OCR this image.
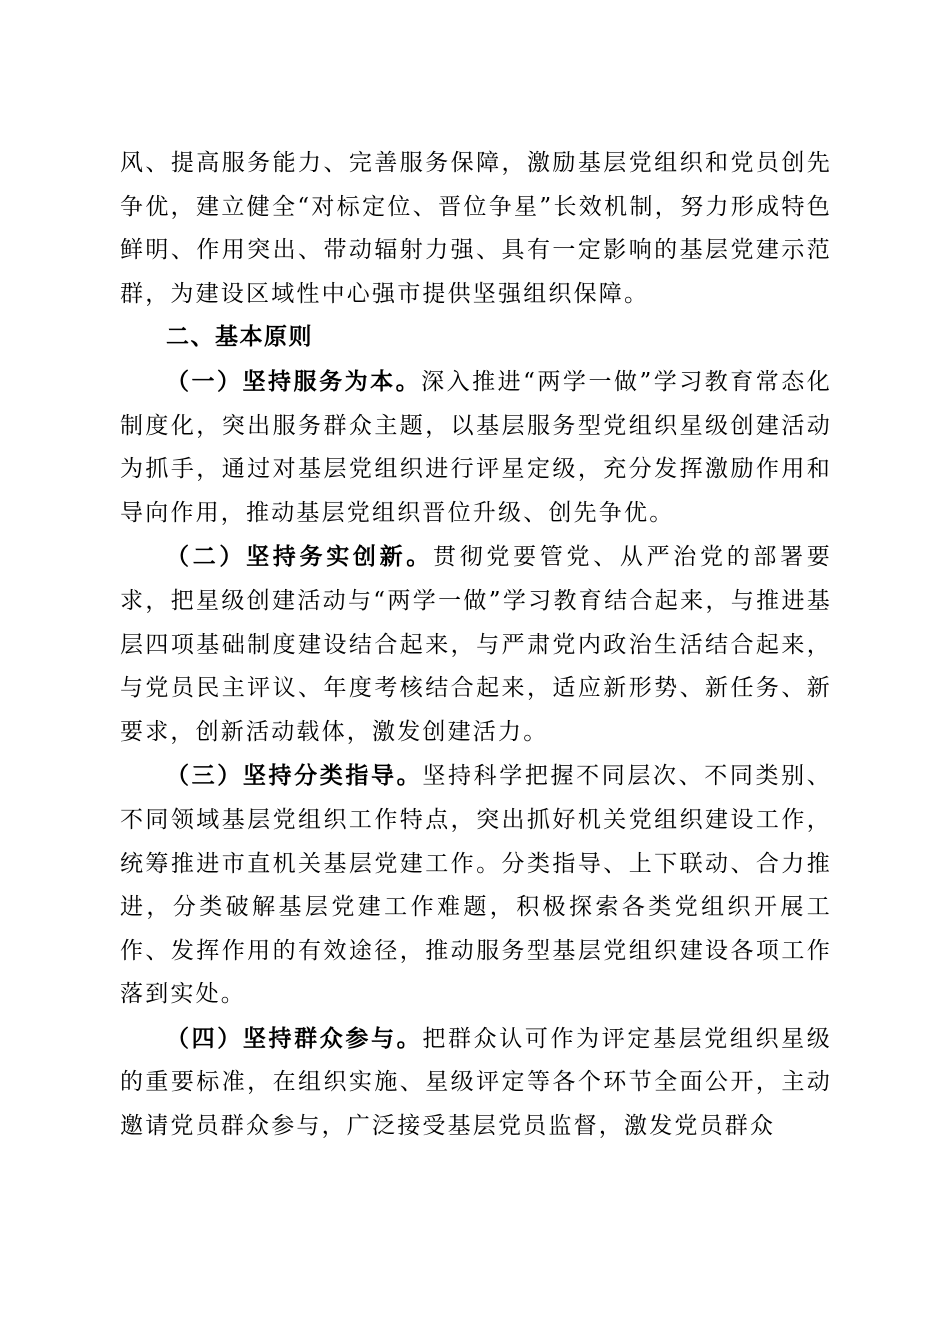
风、提高服务能力、完善服务保障，激励基层党组织和党员创先争优，建立健全“对标定位、晋位争星”长效机制，努力形成特色鲜明、作用突出、带动辐射力强、具有一定影响的基层党建示范群，为建设区域性中心强市提供坚强组织保障。

二、基本原则

（一）坚持服务为本。深入推进“两学一做”学习教育常态化制度化，突出服务群众主题，以基层服务型党组织星级创建活动为抓手，通过对基层党组织进行评星定级，充分发挥激励作用和导向作用，推动基层党组织晋位升级、创先争优。

（二）坚持务实创新。贯彻党要管党、从严治党的部署要求，把星级创建活动与“两学一做”学习教育结合起来，与推进基层四项基础制度建设结合起来，与严肃党内政治生活结合起来，与党员民主评议、年度考核结合起来，适应新形势、新任务、新要求，创新活动载体，激发创建活力。

（三）坚持分类指导。坚持科学把握不同层次、不同类别、不同领域基层党组织工作特点，突出抓好机关党组织建设工作，统筹推进市直机关基层党建工作。分类指导、上下联动、合力推进，分类破解基层党建工作难题，积极探索各类党组织开展工作、发挥作用的有效途径，推动服务型基层党组织建设各项工作落到实处。

（四）坚持群众参与。把群众认可作为评定基层党组织星级的重要标准，在组织实施、星级评定等各个环节全面公开，主动邀请党员群众参与，广泛接受基层党员监督，激发党员群众
